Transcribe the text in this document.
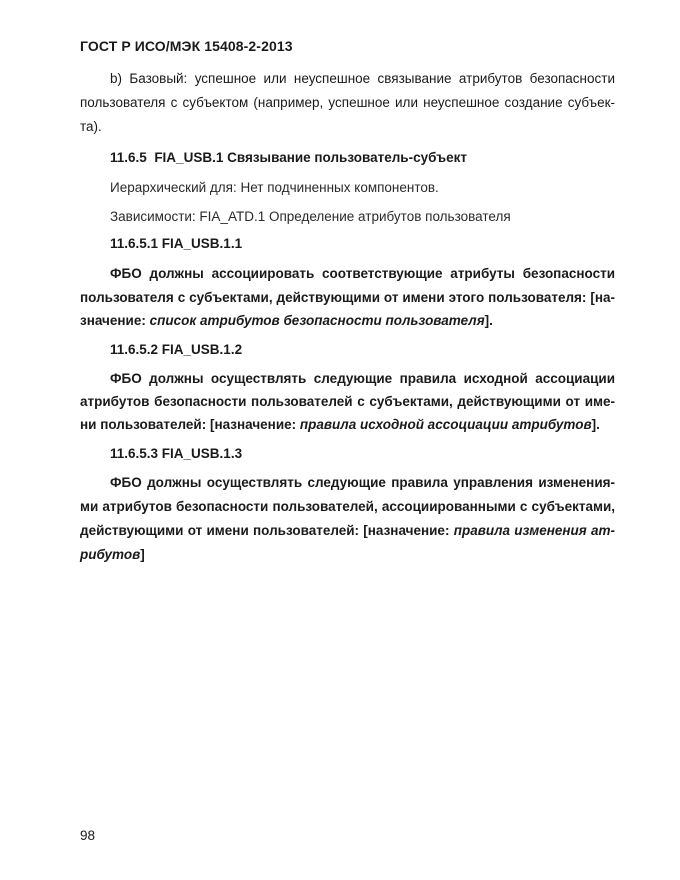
ГОСТ Р ИСО/МЭК 15408-2-2013
b) Базовый: успешное или неуспешное связывание атрибутов безопасности
пользователя с субъектом (например, успешное или неуспешное создание субъек-
та).
11.6.5 FIA_USB.1 Связывание пользователь-субъект
Иерархический для: Нет подчиненных компонентов.
Зависимости: FIA_ATD.1 Определение атрибутов пользователя
11.6.5.1 FIA_USB.1.1
ФБО должны ассоциировать соответствующие атрибуты безопасности
пользователя с субъектами, действующими от имени этого пользователя: [на-
значение: список атрибутов безопасности пользователя].
11.6.5.2 FIA_USB.1.2
ФБО должны осуществлять следующие правила исходной ассоциации
атрибутов безопасности пользователей с субъектами, действующими от име-
ни пользователей: [назначение: правила исходной ассоциации атрибутов].
11.6.5.3 FIA_USB.1.3
ФБО должны осуществлять следующие правила управления изменения-
ми атрибутов безопасности пользователей, ассоциированными с субъектами,
действующими от имени пользователей: [назначение: правила изменения ат-
рибутов]
98
